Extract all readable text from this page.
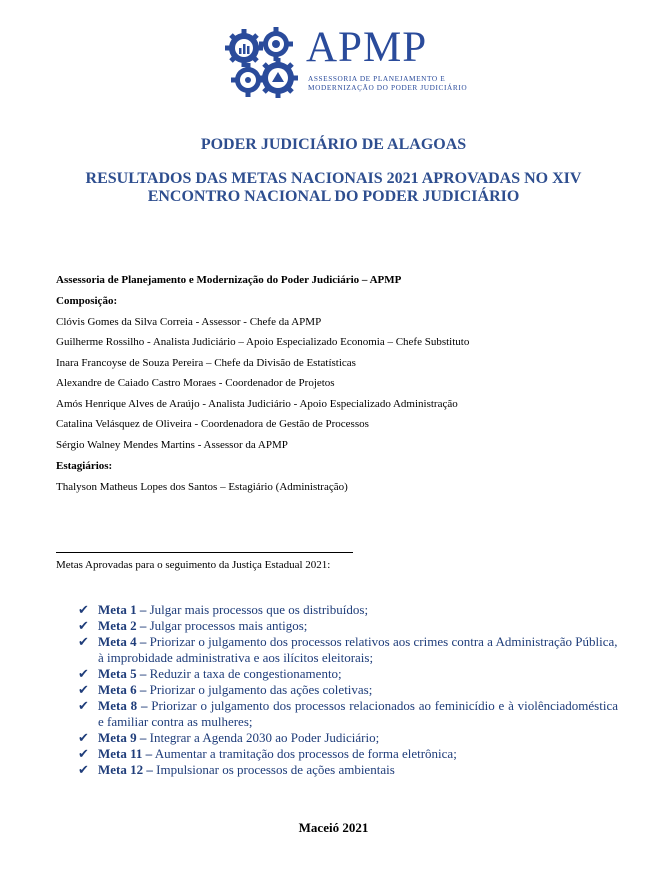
APMP
ASSESSORIA DE PLANEJAMENTO E
MODERNIZAÇÃO DO PODER JUDICIÁRIO
PODER JUDICIÁRIO DE ALAGOAS
RESULTADOS DAS METAS NACIONAIS 2021 APROVADAS NO XIV
ENCONTRO NACIONAL DO PODER JUDICIÁRIO
Assessoria de Planejamento e Modernização do Poder Judiciário – APMP
Composição:
Clóvis Gomes da Silva Correia - Assessor - Chefe da APMP
Guilherme Rossilho - Analista Judiciário – Apoio Especializado Economia – Chefe Substituto
Inara Francoyse de Souza Pereira – Chefe da Divisão de Estatísticas
Alexandre de Caiado Castro Moraes - Coordenador de Projetos
Amós Henrique Alves de Araújo - Analista Judiciário - Apoio Especializado Administração
Catalina Velásquez de Oliveira - Coordenadora de Gestão de Processos
Sérgio Walney Mendes Martins - Assessor da APMP
Estagiários:
Thalyson Matheus Lopes dos Santos – Estagiário (Administração)
Metas Aprovadas para o seguimento da Justiça Estadual 2021:
✔ Meta 1 – Julgar mais processos que os distribuídos;
✔ Meta 2 – Julgar processos mais antigos;
✔ Meta 4 – Priorizar o julgamento dos processos relativos aos crimes contra a Administração Pública, à improbidade administrativa e aos ilícitos eleitorais;
✔ Meta 5 – Reduzir a taxa de congestionamento;
✔ Meta 6 – Priorizar o julgamento das ações coletivas;
✔ Meta 8 – Priorizar o julgamento dos processos relacionados ao feminicídio e à violênciadoméstica e familiar contra as mulheres;
✔ Meta 9 – Integrar a Agenda 2030 ao Poder Judiciário;
✔ Meta 11 – Aumentar a tramitação dos processos de forma eletrônica;
✔ Meta 12 – Impulsionar os processos de ações ambientais
Maceió 2021
